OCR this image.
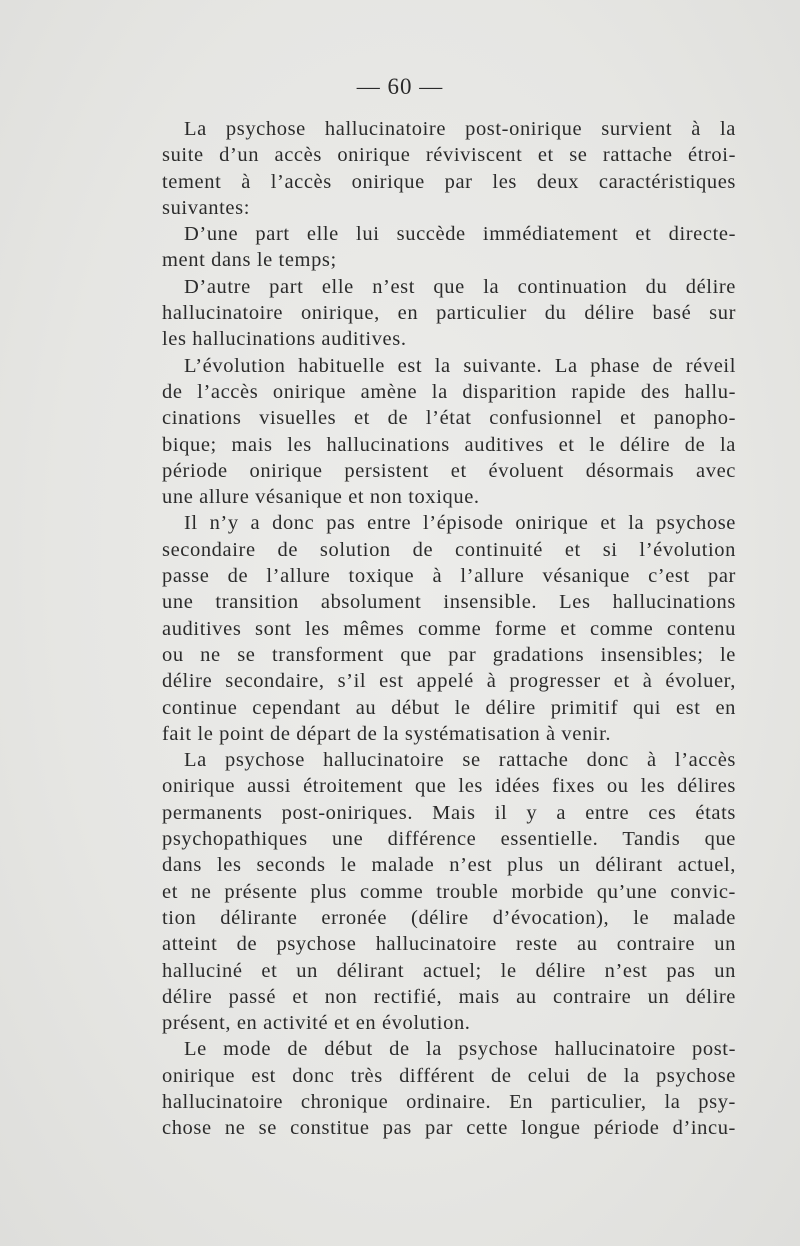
— 60 —
La psychose hallucinatoire post-onirique survient à la
suite d’un accès onirique réviviscent et se rattache étroi-
tement à l’accès onirique par les deux caractéristiques
suivantes:
D’une part elle lui succède immédiatement et directe-
ment dans le temps;
D’autre part elle n’est que la continuation du délire
hallucinatoire onirique, en particulier du délire basé sur
les hallucinations auditives.
L’évolution habituelle est la suivante. La phase de réveil
de l’accès onirique amène la disparition rapide des hallu-
cinations visuelles et de l’état confusionnel et panopho-
bique; mais les hallucinations auditives et le délire de la
période onirique persistent et évoluent désormais avec
une allure vésanique et non toxique.
Il n’y a donc pas entre l’épisode onirique et la psychose
secondaire de solution de continuité et si l’évolution
passe de l’allure toxique à l’allure vésanique c’est par
une transition absolument insensible. Les hallucinations
auditives sont les mêmes comme forme et comme contenu
ou ne se transforment que par gradations insensibles; le
délire secondaire, s’il est appelé à progresser et à évoluer,
continue cependant au début le délire primitif qui est en
fait le point de départ de la systématisation à venir.
La psychose hallucinatoire se rattache donc à l’accès
onirique aussi étroitement que les idées fixes ou les délires
permanents post-oniriques. Mais il y a entre ces états
psychopathiques une différence essentielle. Tandis que
dans les seconds le malade n’est plus un délirant actuel,
et ne présente plus comme trouble morbide qu’une convic-
tion délirante erronée (délire d’évocation), le malade
atteint de psychose hallucinatoire reste au contraire un
halluciné et un délirant actuel; le délire n’est pas un
délire passé et non rectifié, mais au contraire un délire
présent, en activité et en évolution.
Le mode de début de la psychose hallucinatoire post-
onirique est donc très différent de celui de la psychose
hallucinatoire chronique ordinaire. En particulier, la psy-
chose ne se constitue pas par cette longue période d’incu-
